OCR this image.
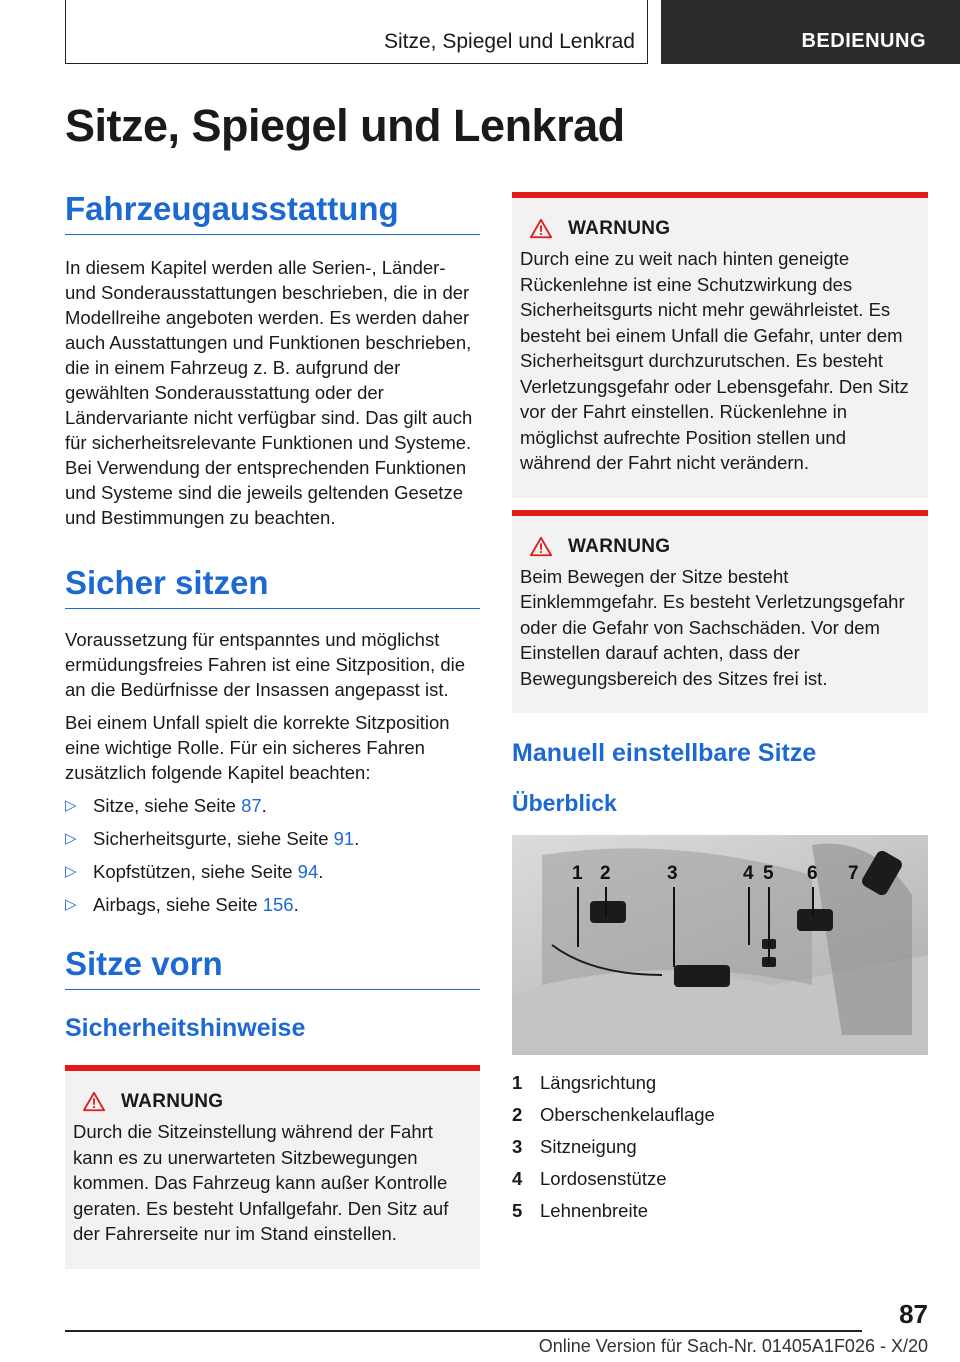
Sitze, Spiegel und Lenkrad	BEDIENUNG
Sitze, Spiegel und Lenkrad
Fahrzeugausstattung

In diesem Kapitel werden alle Serien-, Länder- und Sonderausstattungen beschrieben, die in der Modellreihe angeboten werden. Es werden daher auch Ausstattungen und Funktionen beschrieben, die in einem Fahrzeug z. B. aufgrund der gewählten Sonderausstattung oder der Ländervariante nicht verfügbar sind. Das gilt auch für sicherheitsrelevante Funktionen und Systeme. Bei Verwendung der entsprechenden Funktionen und Systeme sind die jeweils geltenden Gesetze und Bestimmungen zu beachten.

Sicher sitzen

Voraussetzung für entspanntes und möglichst ermüdungsfreies Fahren ist eine Sitzposition, die an die Bedürfnisse der Insassen angepasst ist.

Bei einem Unfall spielt die korrekte Sitzposition eine wichtige Rolle. Für ein sicheres Fahren zusätzlich folgende Kapitel beachten:

▷ Sitze, siehe Seite 87.
▷ Sicherheitsgurte, siehe Seite 91.
▷ Kopfstützen, siehe Seite 94.
▷ Airbags, siehe Seite 156.
Sitze vorn
Sicherheitshinweise
WARNUNG

Durch die Sitzeinstellung während der Fahrt kann es zu unerwarteten Sitzbewegungen kommen. Das Fahrzeug kann außer Kontrolle geraten. Es besteht Unfallgefahr. Den Sitz auf der Fahrerseite nur im Stand einstellen.

WARNUNG

Durch eine zu weit nach hinten geneigte Rückenlehne ist eine Schutzwirkung des Sicherheitsgurts nicht mehr gewährleistet. Es besteht bei einem Unfall die Gefahr, unter dem Sicherheitsgurt durchzurutschen. Es besteht Verletzungsgefahr oder Lebensgefahr. Den Sitz vor der Fahrt einstellen. Rückenlehne in möglichst aufrechte Position stellen und während der Fahrt nicht verändern.

WARNUNG

Beim Bewegen der Sitze besteht Einklemmgefahr. Es besteht Verletzungsgefahr oder die Gefahr von Sachschäden. Vor dem Einstellen darauf achten, dass der Bewegungsbereich des Sitzes frei ist.

Manuell einstellbare Sitze
Überblick
1 2	3	4 5 6 7
1 Längsrichtung
2 Oberschenkelauflage
3 Sitzneigung
4 Lordosenstütze
5 Lehnenbreite
87
Online Version für Sach-Nr. 01405A1F026 - X/20
